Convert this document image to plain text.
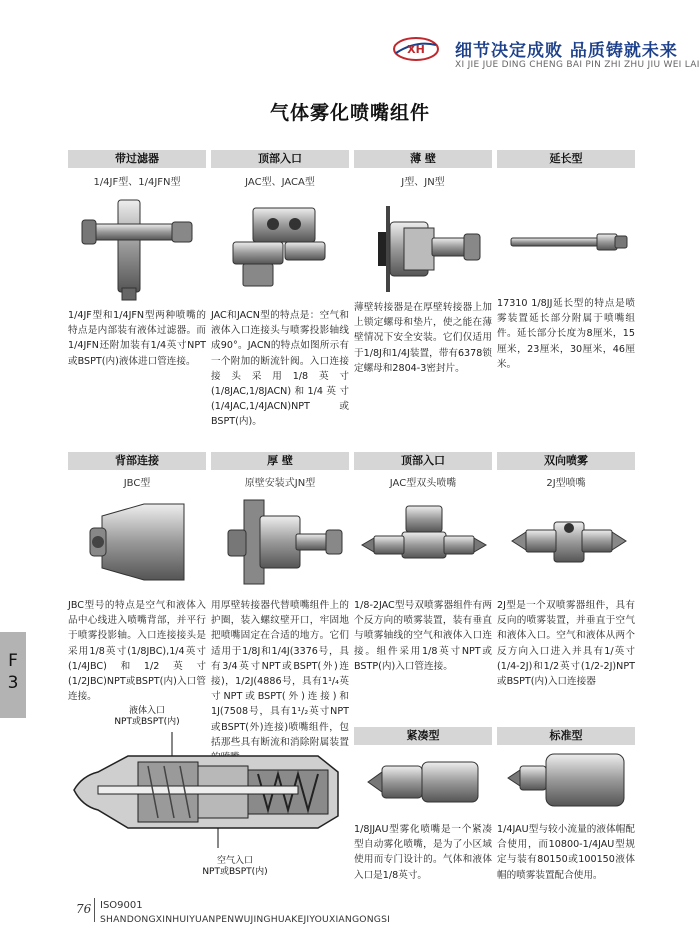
XH 细节决定成败 品质铸就未来
XI JIE JUE DING CHENG BAI PIN ZHI ZHU JIU WEI LAI
气体雾化喷嘴组件
带过滤器
1/4JF型、1/4JFN型
1/4JF型和1/4JFN型两种喷嘴的特点是内部装有液体过滤器。而1/4JFN还附加装有1/4英寸NPT或BSPT(内)液体进口管连接。
顶部入口
JAC型、JACA型
JAC和JACN型的特点是：空气和液体入口连接头与喷雾投影轴线成90°。JACN的特点如图所示有一个附加的断流针阀。入口连接接头采用1/8英寸(1/8JAC,1/8JACN)和1/4英寸(1/4JAC,1/4JACN)NPT或BSPT(内)。
薄 壁
J型、JN型
薄壁转接器是在厚壁转接器上加上锁定螺母和垫片，使之能在薄壁情况下安全安装。它们仅适用于1/8J和1/4J装置，带有6378锁定螺母和2804-3密封片。
延长型
17310 1/8JJ延长型的特点是喷雾装置延长部分附属于喷嘴组件。延长部分长度为8厘米，15厘米，23厘米，30厘米，46厘米。
背部连接
JBC型
JBC型号的特点是空气和液体入品中心线进入喷嘴背部，并平行于喷雾投影轴。入口连接接头是采用1/8英寸(1/8JBC),1/4英寸(1/4JBC)和1/2英寸(1/2JBC)NPT或BSPT(内)入口管连接。
厚 壁
原壁安装式JN型
用厚壁转接器代替喷嘴组件上的护圈，装入螺纹壁开口，牢固地把喷嘴固定在合适的地方。它们适用于1/8J和1/4J(3376号，具有3/4英寸NPT或BSPT(外)连接)，1/2J(4886号，具有1¹/₄英寸NPT或BSPT(外)连接)和1J(7508号，具有1¹/₂英寸NPT或BSPT(外)连接)喷嘴组件，包括那些具有断流和消除附属装置
顶部入口
JAC型双头喷嘴
1/8-2JAC型号双喷雾器组件有两个反方向的喷雾装置，装有垂直与喷雾轴线的空气和液体入口连接。组件采用1/8英寸NPT或BSTP(内)入口管连接。
双向喷雾
2J型喷嘴
2J型是一个双喷雾器组件，具有反向的喷雾装置，并垂直于空气和液体入口。空气和液体从两个反方向入口进入并具有1/英寸(1/4-2J)和1/2英寸(1/2-2J)NPT或BSPT(内)入口连接器
液体入口
NPT或BSPT(内)
空气入口
NPT或BSPT(内)
紧凑型
1/8JJAU型雾化喷嘴是一个紧凑型自动雾化喷嘴，是为了小区域使用而专门设计的。气体和液体入口是1/8英寸。
标准型
1/4JAU型与较小流量的液体帽配合使用，而10800-1/4JAU型规定与装有80150或100150液体帽的喷雾装置配合使用。
F
3
76 ISO9001
SHANDONGXINHUIYUANPENWUJINGHUAKEJIYOUXIANGONGSI
